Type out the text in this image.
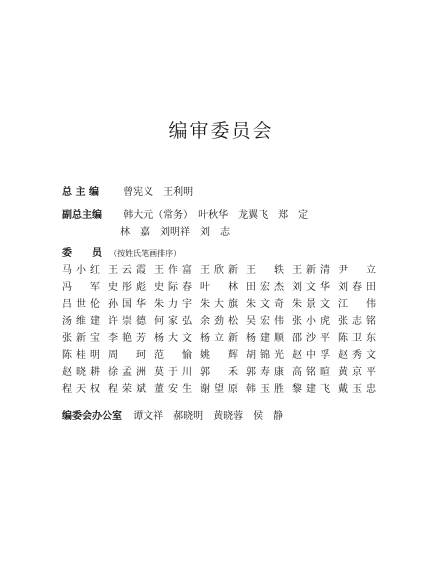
编审委员会
总 主 编 曾宪义　王利明
副总主编 韩大元（常务）　叶秋华　龙翼飞　郑　定
林　嘉　刘明祥　刘　志
委　　员 （按姓氏笔画排序）
马小红 王云霞 王作富 王欣新 王　轶 王新清 尹　立
冯　军 史彤彪 史际春 叶　林 田宏杰 刘文华 刘春田
吕世伦 孙国华 朱力宇 朱大旗 朱文奇 朱景文 江　伟
汤维建 许崇德 何家弘 余劲松 吴宏伟 张小虎 张志铭
张新宝 李艳芳 杨大文 杨立新 杨建顺 邵沙平 陈卫东
陈桂明 周　珂 范　愉 姚　辉 胡锦光 赵中孚 赵秀文
赵晓耕 徐孟洲 莫于川 郭　禾 郭寿康 高铭暄 黄京平
程天权 程荣斌 董安生 谢望原 韩玉胜 黎建飞 戴玉忠
编委会办公室 谭文祥　郝晓明　黄晓蓉　侯　静
